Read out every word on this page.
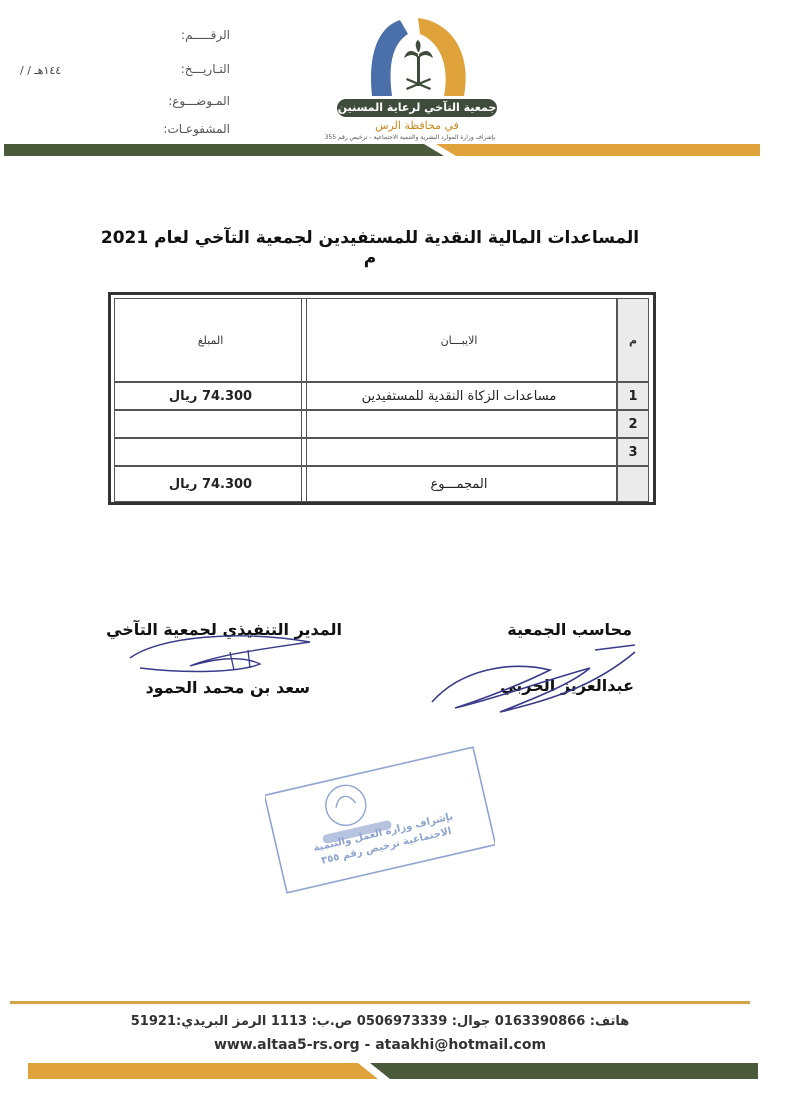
الرقـــــم:
التـاريـــخ:
/ / ١٤٤هـ
المـوضـــوع:
المشفوعـات:
جمعية التآخي لرعاية المسنين
في محافظة الرس
بإشراف وزارة الموارد البشرية والتنمية الاجتماعية - ترخيص رقم 355
المساعدات المالية النقدية للمستفيدين لجمعية التآخي لعام 2021 م
م
الايبـــان
المبلغ
1
مساعدات الزكاة النقدية للمستفيدين
74.300 ريال
2
3
المجمـــوع
74.300 ريال
محاسب الجمعية
عبدالعزيز الحربي
المدير التنفيذي لجمعية التآخي
سعد بن محمد الحمود
بإشراف وزارة العمل والتنمية الاجتماعية ترخيص رقم ٣٥٥
هاتف: 0163390866 جوال: 0506973339 ص.ب: 1113 الرمز البريدي:51921
www.altaa5-rs.org - ataakhi@hotmail.com
